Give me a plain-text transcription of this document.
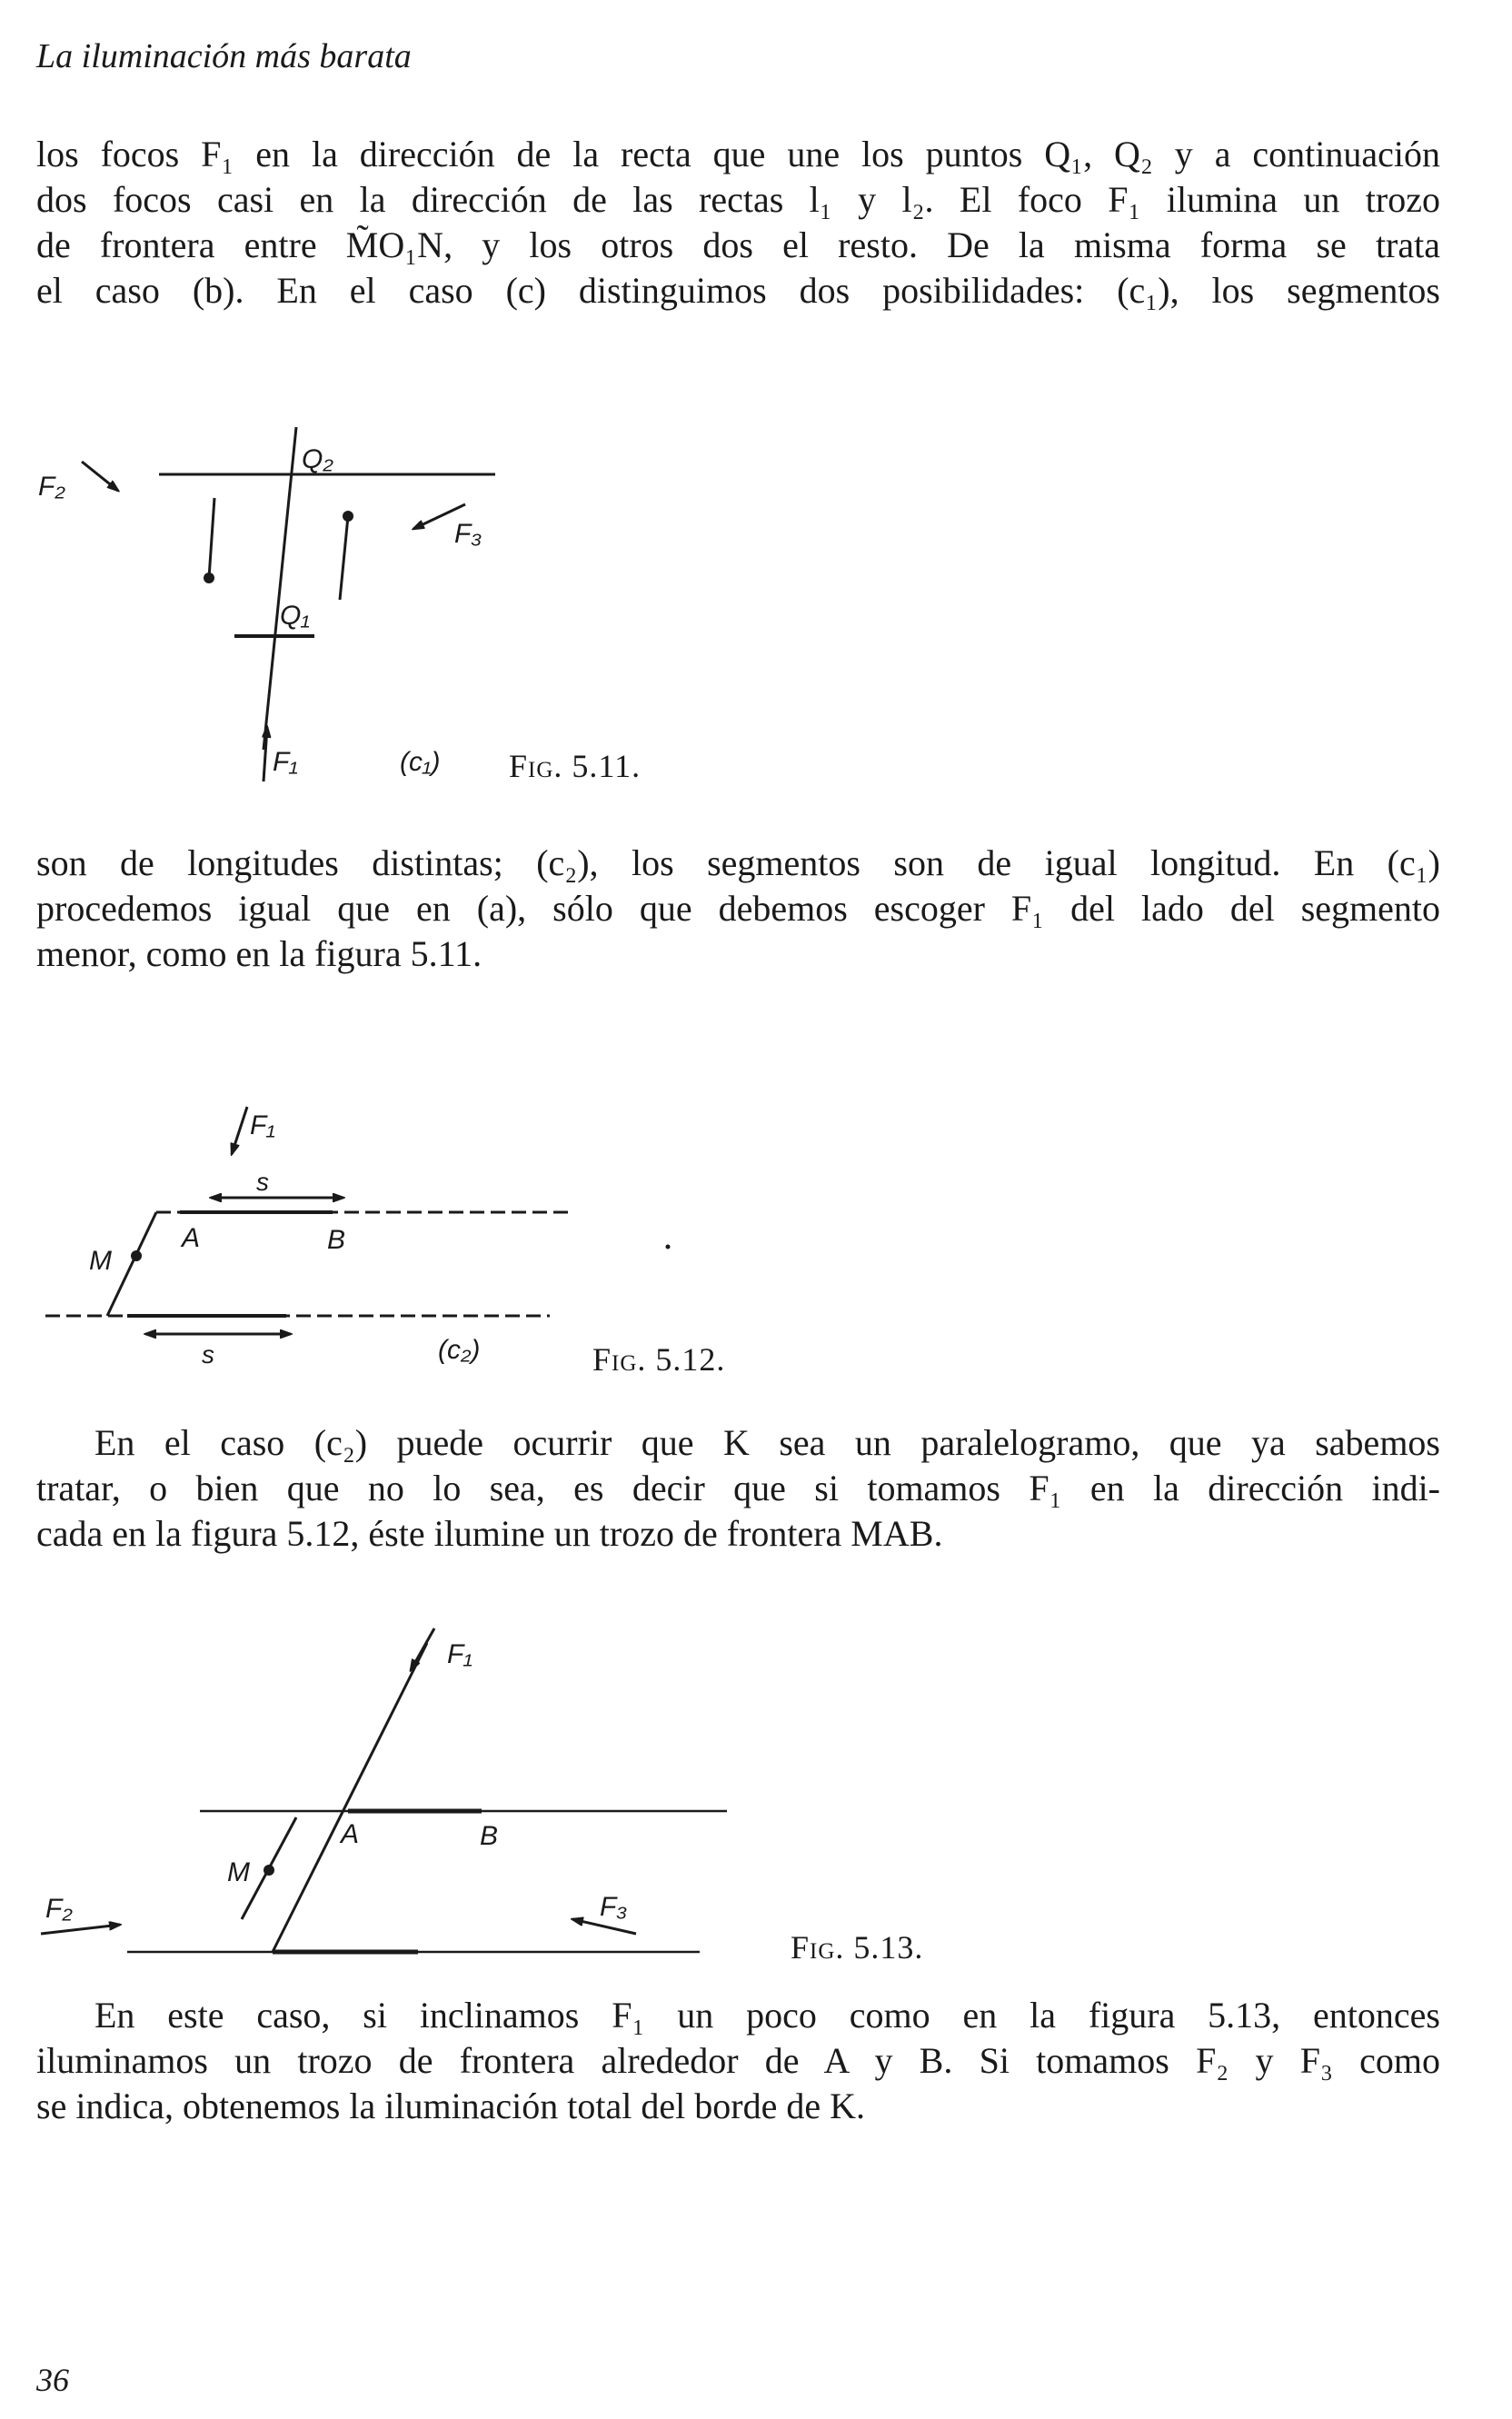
La iluminación más barata

los focos F₁ en la dirección de la recta que une los puntos Q₁, Q₂ y a continuación
dos focos casi en la dirección de las rectas l₁ y l₂. El foco F₁ ilumina un trozo
de frontera entre M̃O₁N, y los otros dos el resto. De la misma forma se trata
el caso (b). En el caso (c) distinguimos dos posibilidades: (c₁), los segmentos

Q₂
Q₁
F₂
F₃
F₁	(c₁) Fig. 5.11.

son de longitudes distintas; (c₂), los segmentos son de igual longitud. En (c₁)
procedemos igual que en (a), sólo que debemos escoger F₁ del lado del segmento
menor, como en la figura 5.11.

F₁
s
A	B
M
s	(c₂)	Fig. 5.12.

En el caso (c₂) puede ocurrir que K sea un paralelogramo, que ya sabemos
tratar, o bien que no lo sea, es decir que si tomamos F₁ en la dirección indi-
cada en la figura 5.12, éste ilumine un trozo de frontera MAB.

F₁
A	B
M
F₂	F₃
Fig. 5.13.

En este caso, si inclinamos F₁ un poco como en la figura 5.13, entonces
iluminamos un trozo de frontera alrededor de A y B. Si tomamos F₂ y F₃ como
se indica, obtenemos la iluminación total del borde de K.

36
